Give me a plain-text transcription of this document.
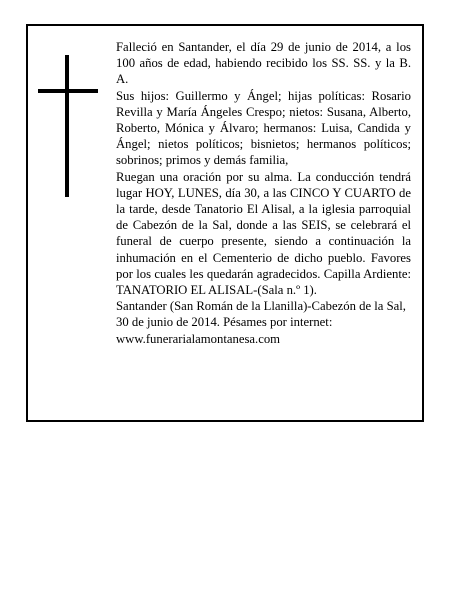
Falleció en Santander, el día 29 de junio de 2014, a los 100 años de edad, habiendo recibido los SS. SS. y la B. A.

Sus hijos: Guillermo y Ángel; hijas políticas: Rosario Revilla y María Ángeles Crespo; nietos: Susana, Alberto, Roberto, Mónica y Álvaro; hermanos: Luisa, Candida y Ángel; nietos políticos; bisnietos; hermanos políticos; sobrinos; primos y demás familia,

Ruegan una oración por su alma. La conducción tendrá lugar HOY, LUNES, día 30, a las CINCO Y CUARTO de la tarde, desde Tanatorio El Alisal, a la iglesia parroquial de Cabezón de la Sal, donde a las SEIS, se celebrará el funeral de cuerpo presente, siendo a continuación la inhumación en el Cementerio de dicho pueblo. Favores por los cuales les quedarán agradecidos. Capilla Ardiente: TANATORIO EL ALISAL-(Sala n.º 1).

Santander (San Román de la Llanilla)-Cabezón de la Sal, 30 de junio de 2014. Pésames por internet: www.funerarialamontanesa.com
